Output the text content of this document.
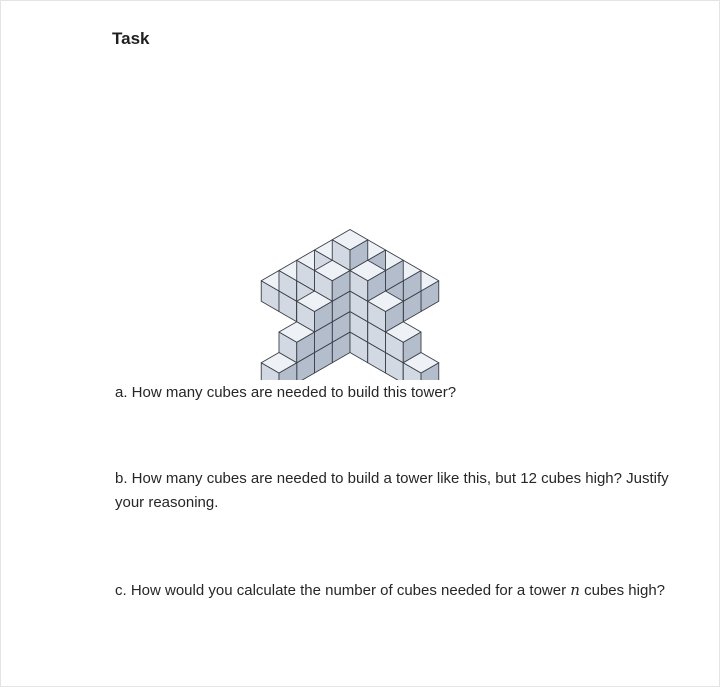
Task
a. How many cubes are needed to build this tower?
b. How many cubes are needed to build a tower like this, but 12 cubes high? Justify your reasoning.
c. How would you calculate the number of cubes needed for a tower n cubes high?
